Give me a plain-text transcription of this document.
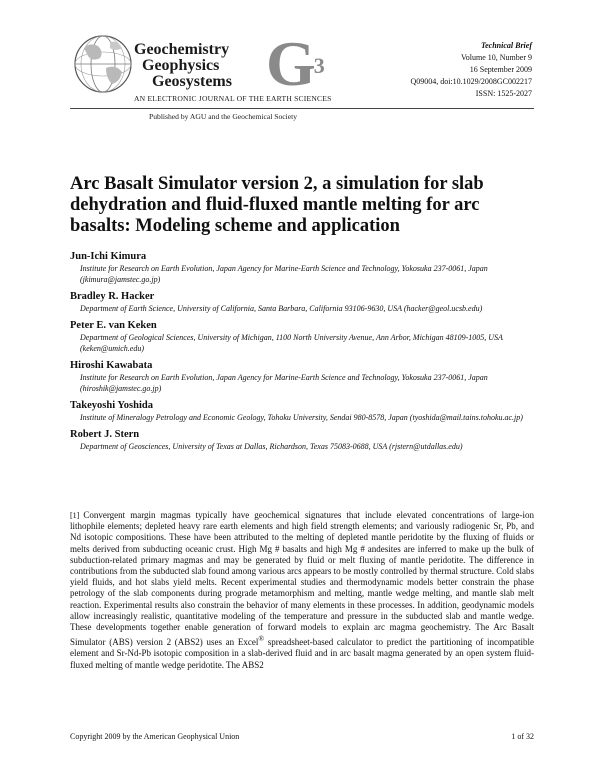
Geochemistry
Geophysics
Geosystems $G^3$
AN ELECTRONIC JOURNAL OF THE EARTH SCIENCES
Published by AGU and the Geochemical Society
Technical Brief
Volume 10, Number 9
16 September 2009
Q09004, doi:10.1029/2008GC002217
ISSN: 1525-2027
Arc Basalt Simulator version 2, a simulation for slab dehydration and fluid-fluxed mantle melting for arc basalts: Modeling scheme and application
Jun-Ichi Kimura
Institute for Research on Earth Evolution, Japan Agency for Marine-Earth Science and Technology, Yokosuka 237-0061, Japan (jkimura@jamstec.go.jp)
Bradley R. Hacker
Department of Earth Science, University of California, Santa Barbara, California 93106-9630, USA (hacker@geol.ucsb.edu)
Peter E. van Keken
Department of Geological Sciences, University of Michigan, 1100 North University Avenue, Ann Arbor, Michigan 48109-1005, USA (keken@umich.edu)
Hiroshi Kawabata
Institute for Research on Earth Evolution, Japan Agency for Marine-Earth Science and Technology, Yokosuka 237-0061, Japan (hiroshik@jamstec.go.jp)
Takeyoshi Yoshida
Institute of Mineralogy Petrology and Economic Geology, Tohoku University, Sendai 980-8578, Japan (tyoshida@mail.tains.tohoku.ac.jp)
Robert J. Stern
Department of Geosciences, University of Texas at Dallas, Richardson, Texas 75083-0688, USA (rjstern@utdallas.edu)

[1] Convergent margin magmas typically have geochemical signatures that include elevated concentrations of large-ion lithophile elements; depleted heavy rare earth elements and high field strength elements; and variously radiogenic Sr, Pb, and Nd isotopic compositions. These have been attributed to the melting of depleted mantle peridotite by the fluxing of fluids or melts derived from subducting oceanic crust. High Mg # basalts and high Mg # andesites are inferred to make up the bulk of subduction-related primary magmas and may be generated by fluid or melt fluxing of mantle peridotite. The difference in contributions from the subducted slab found among various arcs appears to be mostly controlled by thermal structure. Cold slabs yield fluids, and hot slabs yield melts. Recent experimental studies and thermodynamic models better constrain the phase petrology of the slab components during prograde metamorphism and melting, mantle wedge melting, and mantle slab melt reaction. Experimental results also constrain the behavior of many elements in these processes. In addition, geodynamic models allow increasingly realistic, quantitative modeling of the temperature and pressure in the subducted slab and mantle wedge. These developments together enable generation of forward models to explain arc magma geochemistry. The Arc Basalt Simulator (ABS) version 2 (ABS2) uses an Excel® spreadsheet-based calculator to predict the partitioning of incompatible element and Sr-Nd-Pb isotopic composition in a slab-derived fluid and in arc basalt magma generated by an open system fluid-fluxed melting of mantle wedge peridotite. The ABS2

Copyright 2009 by the American Geophysical Union	1 of 32
